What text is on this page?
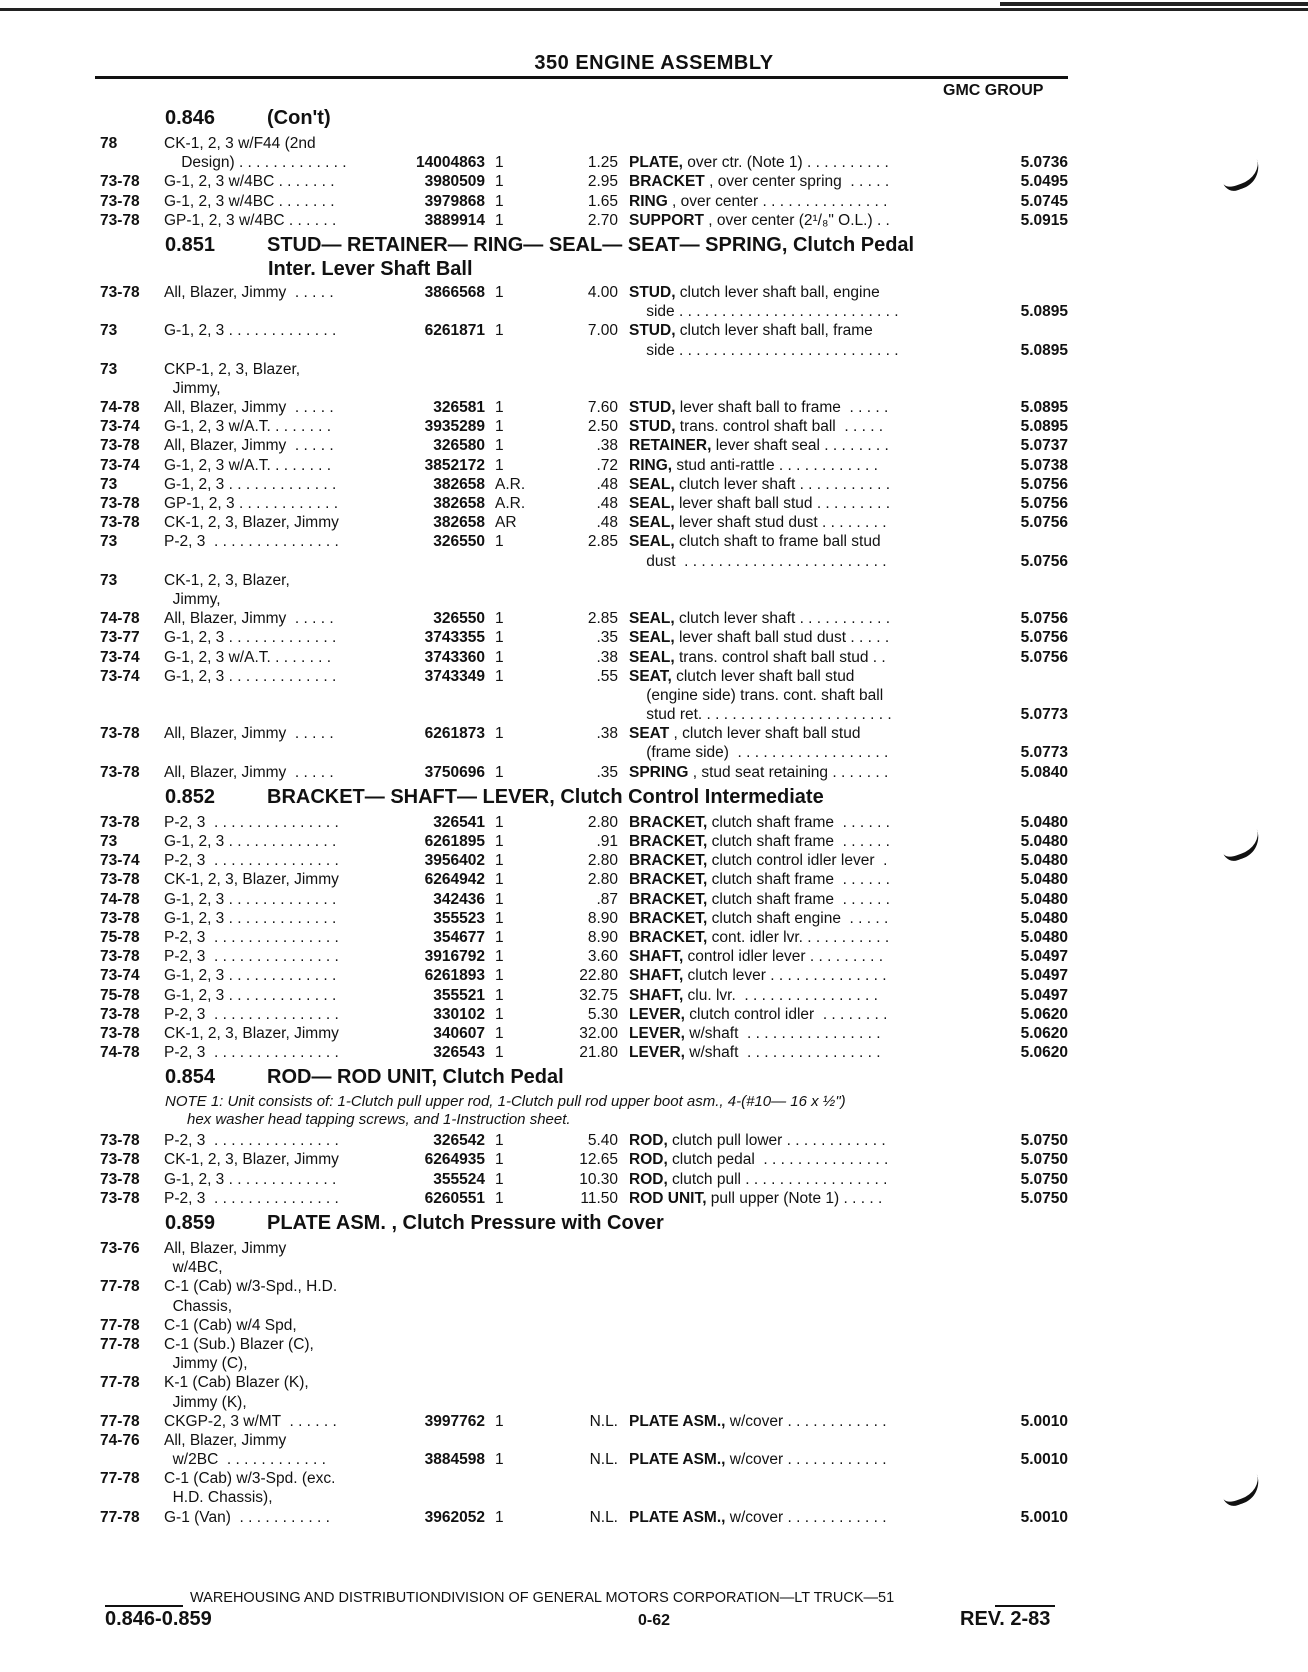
350 ENGINE ASSEMBLY
GMC GROUP
0.846	(Con't)
78	CK-1, 2, 3 w/F44 (2nd
Design) . . . . . . . . . . . . .	14004863 1	1.25 PLATE, over ctr. (Note 1) . . . . . . . . . .	5.0736
73-78 G-1, 2, 3 w/4BC . . . . . . .	3980509 1	2.95 BRACKET , over center spring  . . . . .	5.0495
73-78 G-1, 2, 3 w/4BC . . . . . . .	3979868 1	1.65 RING , over center . . . . . . . . . . . . . . .	5.0745
73-78 GP-1, 2, 3 w/4BC . . . . . .	3889914 1	2.70 SUPPORT , over center (2¹/₈" O.L.) . .	5.0915
0.851	STUD— RETAINER— RING— SEAL— SEAT— SPRING, Clutch Pedal
Inter. Lever Shaft Ball
73-78 All, Blazer, Jimmy  . . . . .	3866568 1	4.00 STUD, clutch lever shaft ball, engine
side . . . . . . . . . . . . . . . . . . . . . . . . . .	5.0895
73	G-1, 2, 3 . . . . . . . . . . . . .	6261871 1	7.00 STUD, clutch lever shaft ball, frame
side . . . . . . . . . . . . . . . . . . . . . . . . . .	5.0895
73	CKP-1, 2, 3, Blazer,
Jimmy,
74-78 All, Blazer, Jimmy  . . . . .	326581 1	7.60 STUD, lever shaft ball to frame  . . . . .	5.0895
73-74 G-1, 2, 3 w/A.T. . . . . . . .	3935289 1	2.50 STUD, trans. control shaft ball  . . . . .	5.0895
73-78 All, Blazer, Jimmy  . . . . .	326580 1	.38 RETAINER, lever shaft seal . . . . . . . .	5.0737
73-74 G-1, 2, 3 w/A.T. . . . . . . .	3852172 1	.72 RING, stud anti-rattle . . . . . . . . . . . .	5.0738
73	G-1, 2, 3 . . . . . . . . . . . . .	382658 A.R.	.48 SEAL, clutch lever shaft . . . . . . . . . . .	5.0756
73-78 GP-1, 2, 3 . . . . . . . . . . . .	382658 A.R.	.48 SEAL, lever shaft ball stud . . . . . . . . .	5.0756
73-78 CK-1, 2, 3, Blazer, Jimmy	382658 AR	.48 SEAL, lever shaft stud dust . . . . . . . .	5.0756
73	P-2, 3  . . . . . . . . . . . . . . .	326550 1	2.85 SEAL, clutch shaft to frame ball stud
dust  . . . . . . . . . . . . . . . . . . . . . . . .	5.0756
73	CK-1, 2, 3, Blazer,
Jimmy,
74-78 All, Blazer, Jimmy  . . . . .	326550 1	2.85 SEAL, clutch lever shaft . . . . . . . . . . .	5.0756
73-77 G-1, 2, 3 . . . . . . . . . . . . .	3743355 1	.35 SEAL, lever shaft ball stud dust . . . . .	5.0756
73-74 G-1, 2, 3 w/A.T. . . . . . . .	3743360 1	.38 SEAL, trans. control shaft ball stud . .	5.0756
73-74 G-1, 2, 3 . . . . . . . . . . . . .	3743349 1	.55 SEAT, clutch lever shaft ball stud
(engine side) trans. cont. shaft ball
stud ret. . . . . . . . . . . . . . . . . . . . . . .	5.0773
73-78 All, Blazer, Jimmy  . . . . .	6261873 1	.38 SEAT , clutch lever shaft ball stud
(frame side)  . . . . . . . . . . . . . . . . . .	5.0773
73-78 All, Blazer, Jimmy  . . . . .	3750696 1	.35 SPRING , stud seat retaining . . . . . . .	5.0840
0.852	BRACKET— SHAFT— LEVER, Clutch Control Intermediate
73-78 P-2, 3  . . . . . . . . . . . . . . .	326541 1	2.80 BRACKET, clutch shaft frame  . . . . . .	5.0480
73	G-1, 2, 3 . . . . . . . . . . . . .	6261895 1	.91 BRACKET, clutch shaft frame  . . . . . .	5.0480
73-74 P-2, 3  . . . . . . . . . . . . . . .	3956402 1	2.80 BRACKET, clutch control idler lever  .	5.0480
73-78 CK-1, 2, 3, Blazer, Jimmy	6264942 1	2.80 BRACKET, clutch shaft frame  . . . . . .	5.0480
74-78 G-1, 2, 3 . . . . . . . . . . . . .	342436 1	.87 BRACKET, clutch shaft frame  . . . . . .	5.0480
73-78 G-1, 2, 3 . . . . . . . . . . . . .	355523 1	8.90 BRACKET, clutch shaft engine  . . . . .	5.0480
75-78 P-2, 3  . . . . . . . . . . . . . . .	354677 1	8.90 BRACKET, cont. idler lvr. . . . . . . . . . .	5.0480
73-78 P-2, 3  . . . . . . . . . . . . . . .	3916792 1	3.60 SHAFT, control idler lever . . . . . . . . .	5.0497
73-74 G-1, 2, 3 . . . . . . . . . . . . .	6261893 1	22.80 SHAFT, clutch lever . . . . . . . . . . . . . .	5.0497
75-78 G-1, 2, 3 . . . . . . . . . . . . .	355521 1	32.75 SHAFT, clu. lvr.  . . . . . . . . . . . . . . . .	5.0497
73-78 P-2, 3  . . . . . . . . . . . . . . .	330102 1	5.30 LEVER, clutch control idler  . . . . . . . .	5.0620
73-78 CK-1, 2, 3, Blazer, Jimmy	340607 1	32.00 LEVER, w/shaft  . . . . . . . . . . . . . . . .	5.0620
74-78 P-2, 3  . . . . . . . . . . . . . . .	326543 1	21.80 LEVER, w/shaft  . . . . . . . . . . . . . . . .	5.0620
0.854	ROD— ROD UNIT, Clutch Pedal
NOTE 1: Unit consists of: 1-Clutch pull upper rod, 1-Clutch pull rod upper boot asm., 4-(#10— 16 x ½")
hex washer head tapping screws, and 1-Instruction sheet.
73-78 P-2, 3  . . . . . . . . . . . . . . .	326542 1	5.40 ROD, clutch pull lower . . . . . . . . . . . .	5.0750
73-78 CK-1, 2, 3, Blazer, Jimmy	6264935 1	12.65 ROD, clutch pedal  . . . . . . . . . . . . . . .	5.0750
73-78 G-1, 2, 3 . . . . . . . . . . . . .	355524 1	10.30 ROD, clutch pull . . . . . . . . . . . . . . . . .	5.0750
73-78 P-2, 3  . . . . . . . . . . . . . . .	6260551 1	11.50 ROD UNIT, pull upper (Note 1) . . . . .	5.0750
0.859	PLATE ASM. , Clutch Pressure with Cover
73-76 All, Blazer, Jimmy
w/4BC,
77-78 C-1 (Cab) w/3-Spd., H.D.
Chassis,
77-78 C-1 (Cab) w/4 Spd,
77-78 C-1 (Sub.) Blazer (C),
Jimmy (C),
77-78 K-1 (Cab) Blazer (K),
Jimmy (K),
77-78 CKGP-2, 3 w/MT  . . . . . .	3997762 1	N.L. PLATE ASM., w/cover . . . . . . . . . . . .	5.0010
74-76 All, Blazer, Jimmy
w/2BC  . . . . . . . . . . . .	3884598 1	N.L. PLATE ASM., w/cover . . . . . . . . . . . .	5.0010
77-78 C-1 (Cab) w/3-Spd. (exc.
H.D. Chassis),
77-78 G-1 (Van)  . . . . . . . . . . .	3962052 1	N.L. PLATE ASM., w/cover . . . . . . . . . . . .	5.0010
WAREHOUSING AND DISTRIBUTIONDIVISION OF GENERAL MOTORS CORPORATION—LT TRUCK—51
0.846-0.859	0-62	REV. 2-83
